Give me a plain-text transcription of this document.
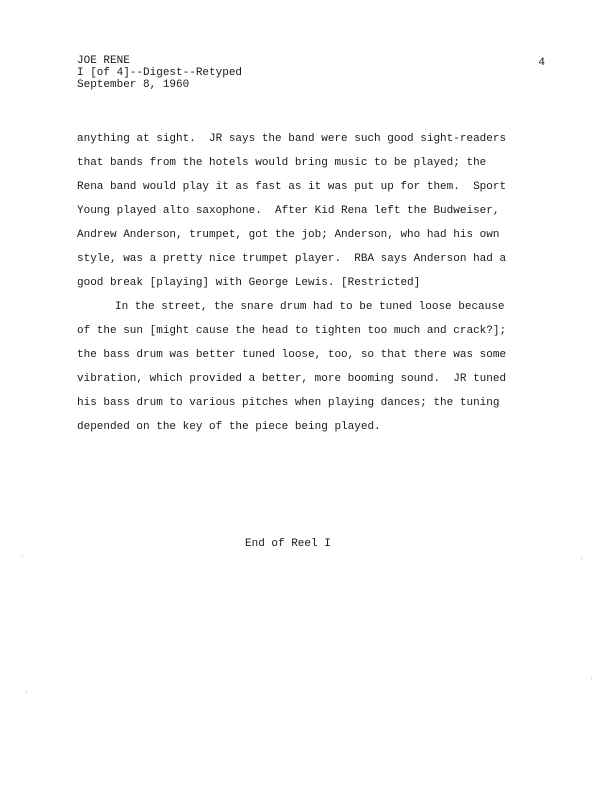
JOE RENE
I [of 4]--Digest--Retyped
September 8, 1960
4
anything at sight.  JR says the band were such good sight-readers
that bands from the hotels would bring music to be played; the
Rena band would play it as fast as it was put up for them.  Sport
Young played alto saxophone.  After Kid Rena left the Budweiser,
Andrew Anderson, trumpet, got the job; Anderson, who had his own
style, was a pretty nice trumpet player.  RBA says Anderson had a
good break [playing] with George Lewis. [Restricted]
In the street, the snare drum had to be tuned loose because
of the sun [might cause the head to tighten too much and crack?];
the bass drum was better tuned loose, too, so that there was some
vibration, which provided a better, more booming sound.  JR tuned
his bass drum to various pitches when playing dances; the tuning
depended on the key of the piece being played.
End of Reel I
